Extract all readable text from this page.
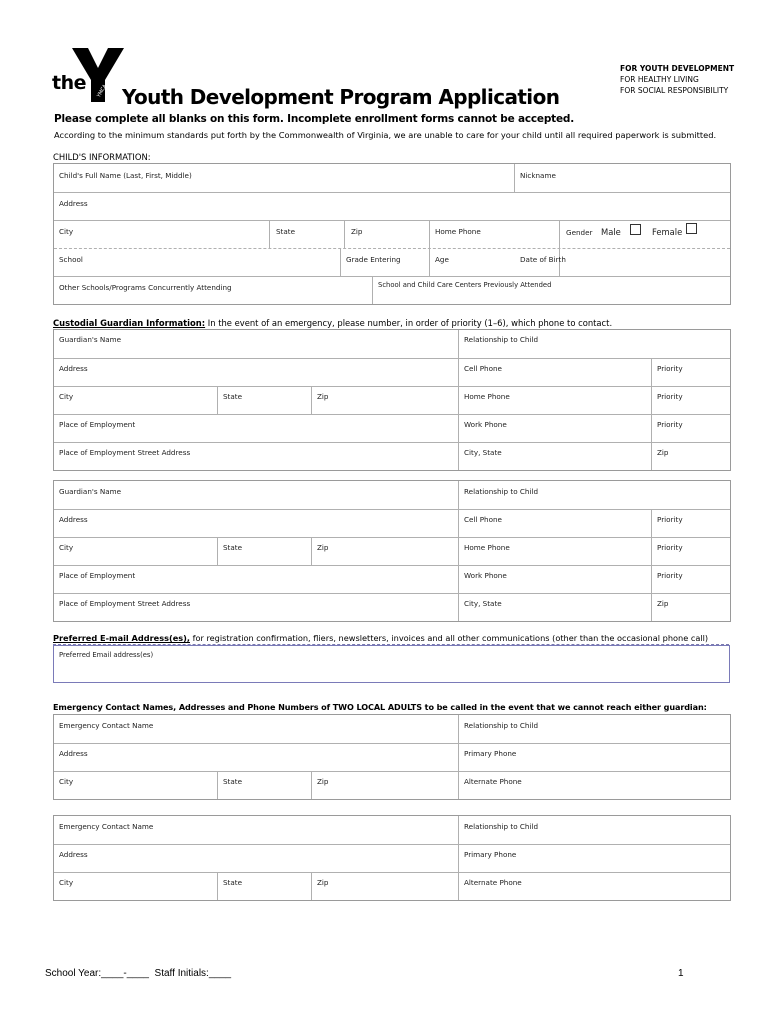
YMCA
the
Youth Development Program Application
FOR YOUTH DEVELOPMENT
FOR HEALTHY LIVING
FOR SOCIAL RESPONSIBILITY
Please complete all blanks on this form. Incomplete enrollment forms cannot be accepted.
According to the minimum standards put forth by the Commonwealth of Virginia, we are unable to care for your child until all required paperwork is submitted.
CHILD'S INFORMATION:
Child's Full Name (Last, First, Middle)	Nickname
Address
City	State	Zip	Home Phone	Gender Male	Female
School	Grade Entering	Age	Date of Birth
Other Schools/Programs Concurrently Attending	School and Child Care Centers Previously Attended
Custodial Guardian Information: In the event of an emergency, please number, in order of priority (1–6), which phone to contact.
Guardian's Name	Relationship to Child
Address	Cell Phone	Priority
City	State	Zip	Home Phone	Priority
Place of Employment	Work Phone	Priority
Place of Employment Street Address	City, State	Zip
Guardian's Name	Relationship to Child
Address	Cell Phone	Priority
City	State	Zip	Home Phone	Priority
Place of Employment	Work Phone	Priority
Place of Employment Street Address	City, State	Zip
Preferred E-mail Address(es), for registration confirmation, fliers, newsletters, invoices and all other communications (other than the occasional phone call)
Preferred Email address(es)
Emergency Contact Names, Addresses and Phone Numbers of TWO LOCAL ADULTS to be called in the event that we cannot reach either guardian:
Emergency Contact Name	Relationship to Child
Address	Primary Phone
City	State	Zip	Alternate Phone
Emergency Contact Name	Relationship to Child
Address	Primary Phone
City	State	Zip	Alternate Phone
School Year:____-____  Staff Initials:____	1
